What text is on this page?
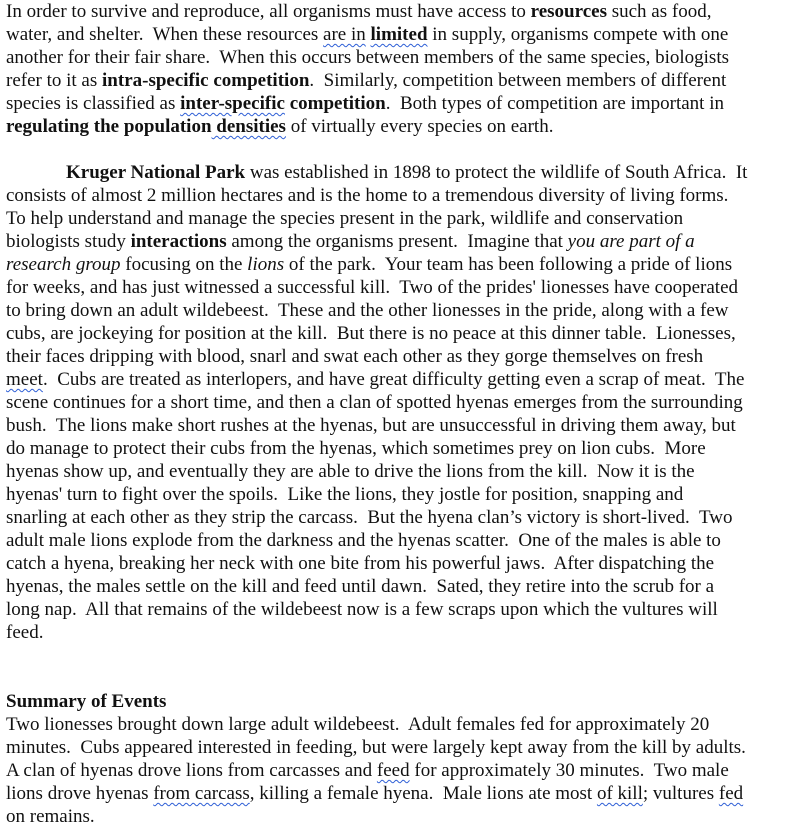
In order to survive and reproduce, all organisms must have access to resources such as food,
water, and shelter.  When these resources are in limited in supply, organisms compete with one
another for their fair share.  When this occurs between members of the same species, biologists
refer to it as intra-specific competition.  Similarly, competition between members of different
species is classified as inter-specific competition.  Both types of competition are important in
regulating the population densities of virtually every species on earth.
Kruger National Park was established in 1898 to protect the wildlife of South Africa.  It
consists of almost 2 million hectares and is the home to a tremendous diversity of living forms.
To help understand and manage the species present in the park, wildlife and conservation
biologists study interactions among the organisms present.  Imagine that you are part of a
research group focusing on the lions of the park.  Your team has been following a pride of lions
for weeks, and has just witnessed a successful kill.  Two of the prides' lionesses have cooperated
to bring down an adult wildebeest.  These and the other lionesses in the pride, along with a few
cubs, are jockeying for position at the kill.  But there is no peace at this dinner table.  Lionesses,
their faces dripping with blood, snarl and swat each other as they gorge themselves on fresh
meet.  Cubs are treated as interlopers, and have great difficulty getting even a scrap of meat.  The
scene continues for a short time, and then a clan of spotted hyenas emerges from the surrounding
bush.  The lions make short rushes at the hyenas, but are unsuccessful in driving them away, but
do manage to protect their cubs from the hyenas, which sometimes prey on lion cubs.  More
hyenas show up, and eventually they are able to drive the lions from the kill.  Now it is the
hyenas' turn to fight over the spoils.  Like the lions, they jostle for position, snapping and
snarling at each other as they strip the carcass.  But the hyena clan’s victory is short-lived.  Two
adult male lions explode from the darkness and the hyenas scatter.  One of the males is able to
catch a hyena, breaking her neck with one bite from his powerful jaws.  After dispatching the
hyenas, the males settle on the kill and feed until dawn.  Sated, they retire into the scrub for a
long nap.  All that remains of the wildebeest now is a few scraps upon which the vultures will
feed.
Summary of Events
Two lionesses brought down large adult wildebeest.  Adult females fed for approximately 20
minutes.  Cubs appeared interested in feeding, but were largely kept away from the kill by adults.
A clan of hyenas drove lions from carcasses and feed for approximately 30 minutes.  Two male
lions drove hyenas from carcass, killing a female hyena.  Male lions ate most of kill; vultures fed
on remains.
